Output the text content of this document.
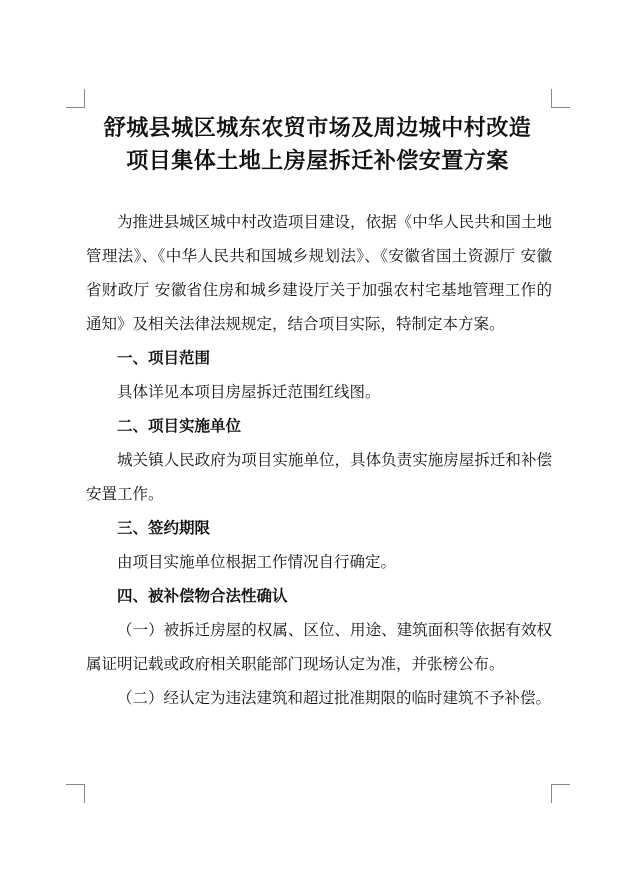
舒城县城区城东农贸市场及周边城中村改造
项目集体土地上房屋拆迁补偿安置方案

为推进县城区城中村改造项目建设，依据《中华人民共和国土地管理法》、《中华人民共和国城乡规划法》、《安徽省国土资源厅 安徽省财政厅 安徽省住房和城乡建设厅关于加强农村宅基地管理工作的通知》及相关法律法规规定，结合项目实际，特制定本方案。

一、项目范围

具体详见本项目房屋拆迁范围红线图。

二、项目实施单位

城关镇人民政府为项目实施单位，具体负责实施房屋拆迁和补偿安置工作。

三、签约期限

由项目实施单位根据工作情况自行确定。

四、被补偿物合法性确认

（一）被拆迁房屋的权属、区位、用途、建筑面积等依据有效权属证明记载或政府相关职能部门现场认定为准，并张榜公布。

（二）经认定为违法建筑和超过批准期限的临时建筑不予补偿。
